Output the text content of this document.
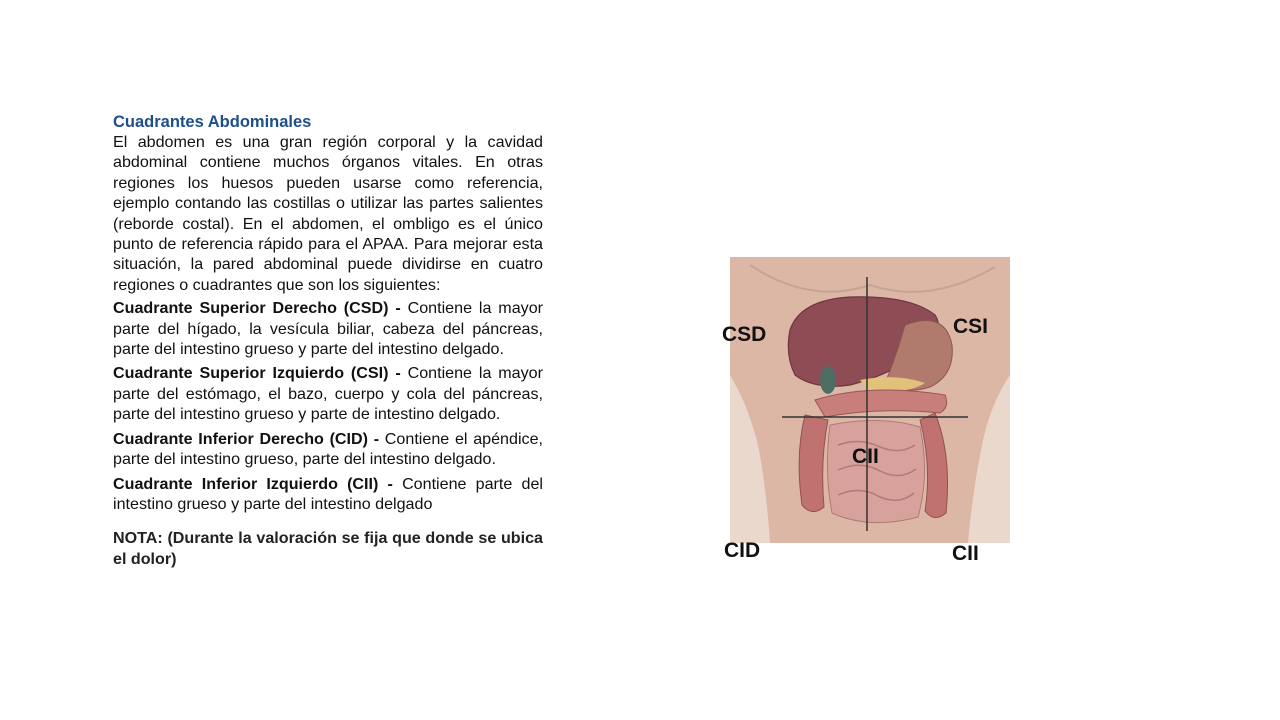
Cuadrantes Abdominales

El abdomen es una gran región corporal y la cavidad abdominal contiene muchos órganos vitales. En otras regiones los huesos pueden usarse como referencia, ejemplo contando las costillas o utilizar las partes salientes (reborde costal). En el abdomen, el ombligo es el único punto de referencia rápido para el APAA. Para mejorar esta situación, la pared abdominal puede dividirse en cuatro regiones o cuadrantes que son los siguientes:

Cuadrante Superior Derecho (CSD) - Contiene la mayor parte del hígado, la vesícula biliar, cabeza del páncreas, parte del intestino grueso y parte del intestino delgado.

Cuadrante Superior Izquierdo (CSI) - Contiene la mayor parte del estómago, el bazo, cuerpo y cola del páncreas, parte del intestino grueso y parte de intestino delgado.

Cuadrante Inferior Derecho (CID) - Contiene el apéndice, parte del intestino grueso, parte del intestino delgado.

Cuadrante Inferior Izquierdo (CII) - Contiene parte del intestino grueso y parte del intestino delgado

NOTA: (Durante la valoración se fija que donde se ubica el dolor)

CSD	CSI
CII
CID	CII
